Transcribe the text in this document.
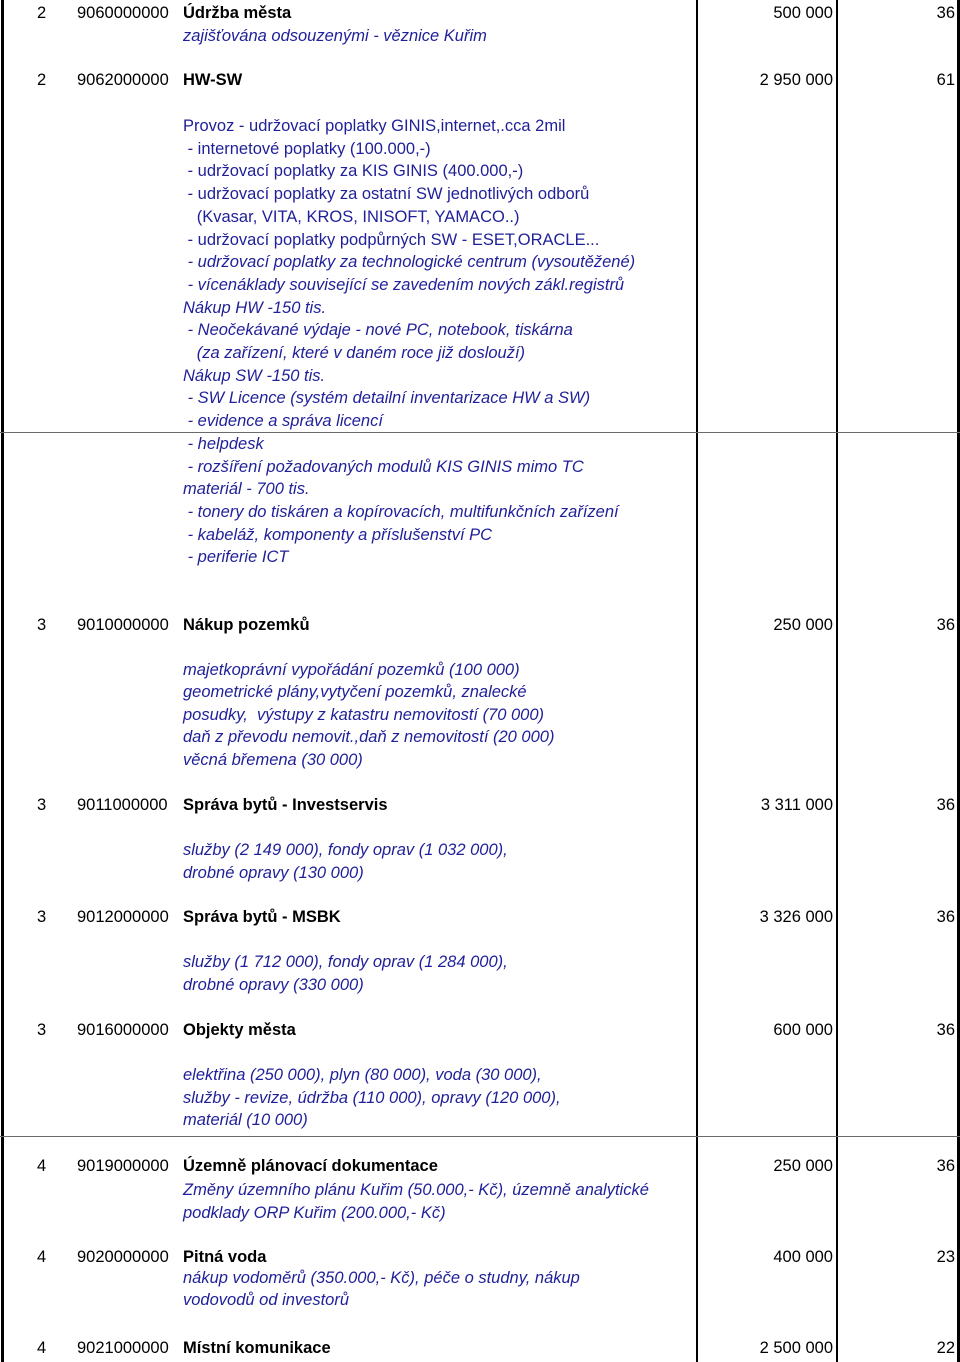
2 9060000000 Údržba města	500 000	36
zajišťována odsouzenými - věznice Kuřim
2 9062000000 HW-SW	2 950 000	61
Provoz - udržovací poplatky GINIS,internet,.cca 2mil
- internetové poplatky (100.000,-)
- udržovací poplatky za KIS GINIS (400.000,-)
- udržovací poplatky za ostatní SW jednotlivých odborů
(Kvasar, VITA, KROS, INISOFT, YAMACO..)
- udržovací poplatky podpůrných SW - ESET,ORACLE...
- udržovací poplatky za technologické centrum (vysoutěžené)
- vícenáklady související se zavedením nových zákl.registrů
Nákup HW -150 tis.
- Neočekávané výdaje - nové PC, notebook, tiskárna
(za zařízení, které v daném roce již doslouží)
Nákup SW -150 tis.
- SW Licence (systém detailní inventarizace HW a SW)
- evidence a správa licencí
- helpdesk
- rozšíření požadovaných modulů KIS GINIS mimo TC
materiál - 700 tis.
- tonery do tiskáren a kopírovacích, multifunkčních zařízení
- kabeláž, komponenty a příslušenství PC
- periferie ICT
3 9010000000 Nákup pozemků	250 000	36
majetkoprávní vypořádání pozemků (100 000)
geometrické plány,vytyčení pozemků, znalecké
posudky,  výstupy z katastru nemovitostí (70 000)
daň z převodu nemovit.,daň z nemovitostí (20 000)
věcná břemena (30 000)
3 9011000000 Správa bytů - Investservis	3 311 000	36
služby (2 149 000), fondy oprav (1 032 000),
drobné opravy (130 000)
3 9012000000 Správa bytů - MSBK	3 326 000	36
služby (1 712 000), fondy oprav (1 284 000),
drobné opravy (330 000)
3 9016000000 Objekty města	600 000	36
elektřina (250 000), plyn (80 000), voda (30 000),
služby - revize, údržba (110 000), opravy (120 000),
materiál (10 000)
4 9019000000 Územně plánovací dokumentace	250 000	36
Změny územního plánu Kuřim (50.000,- Kč), územně analytické
podklady ORP Kuřim (200.000,- Kč)
4 9020000000 Pitná voda	400 000	23
nákup vodoměrů (350.000,- Kč), péče o studny, nákup
vodovodů od investorů
4 9021000000 Místní komunikace	2 500 000	22
